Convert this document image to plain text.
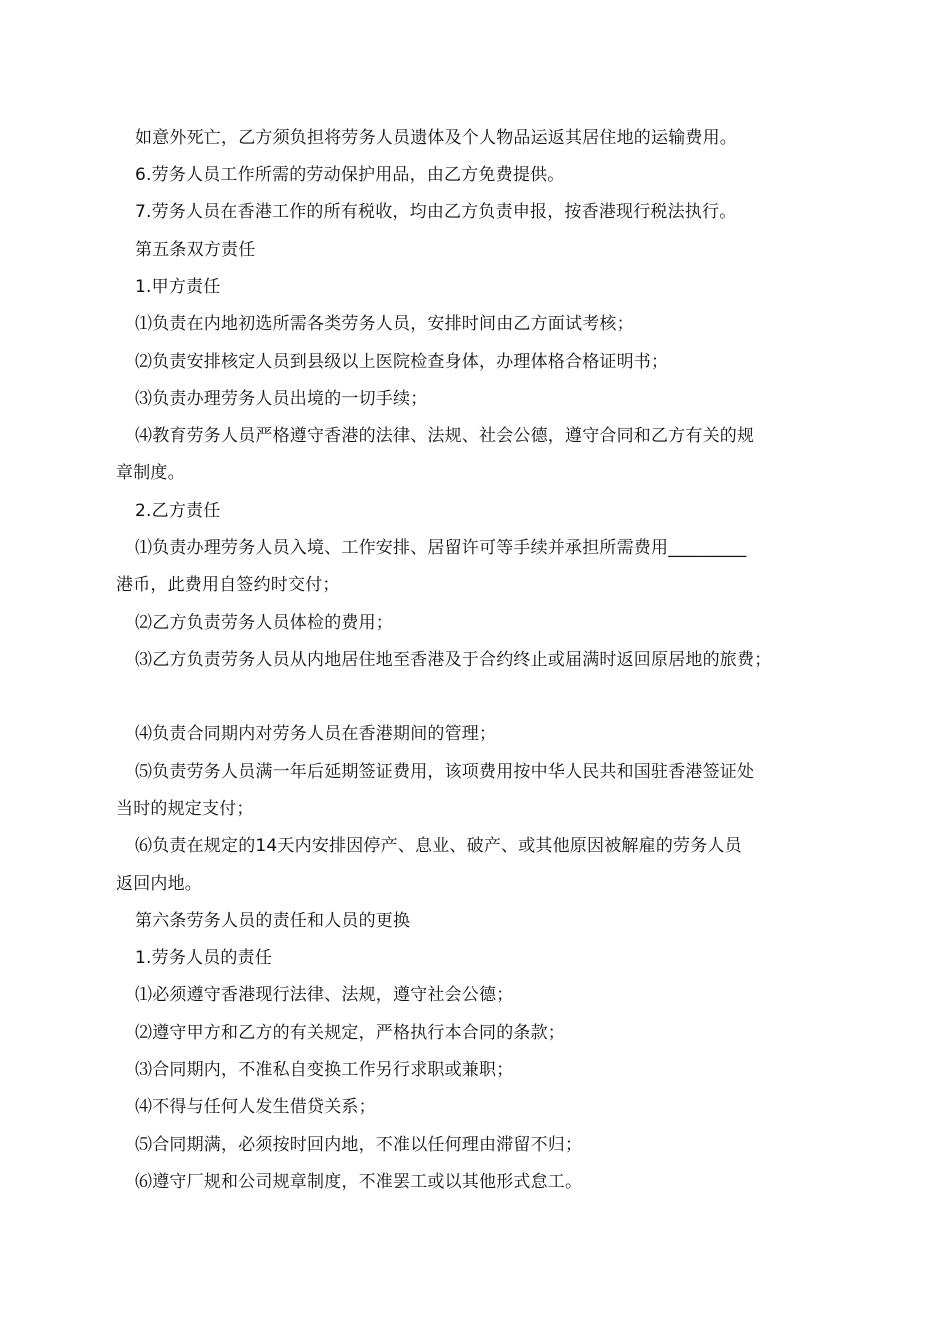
如意外死亡，乙方须负担将劳务人员遗体及个人物品运返其居住地的运输费用。
6.劳务人员工作所需的劳动保护用品，由乙方免费提供。
7.劳务人员在香港工作的所有税收，均由乙方负责申报，按香港现行税法执行。
第五条双方责任
1.甲方责任
⑴负责在内地初选所需各类劳务人员，安排时间由乙方面试考核；
⑵负责安排核定人员到县级以上医院检查身体，办理体格合格证明书；
⑶负责办理劳务人员出境的一切手续；
⑷教育劳务人员严格遵守香港的法律、法规、社会公德，遵守合同和乙方有关的规
章制度。
2.乙方责任
⑴负责办理劳务人员入境、工作安排、居留许可等手续并承担所需费用_________
港币，此费用自签约时交付；
⑵乙方负责劳务人员体检的费用；
⑶乙方负责劳务人员从内地居住地至香港及于合约终止或届满时返回原居地的旅费；
⑷负责合同期内对劳务人员在香港期间的管理；
⑸负责劳务人员满一年后延期签证费用，该项费用按中华人民共和国驻香港签证处
当时的规定支付；
⑹负责在规定的14天内安排因停产、息业、破产、或其他原因被解雇的劳务人员
返回内地。
第六条劳务人员的责任和人员的更换
1.劳务人员的责任
⑴必须遵守香港现行法律、法规，遵守社会公德；
⑵遵守甲方和乙方的有关规定，严格执行本合同的条款；
⑶合同期内，不准私自变换工作另行求职或兼职；
⑷不得与任何人发生借贷关系；
⑸合同期满，必须按时回内地，不准以任何理由滞留不归；
⑹遵守厂规和公司规章制度，不准罢工或以其他形式怠工。
